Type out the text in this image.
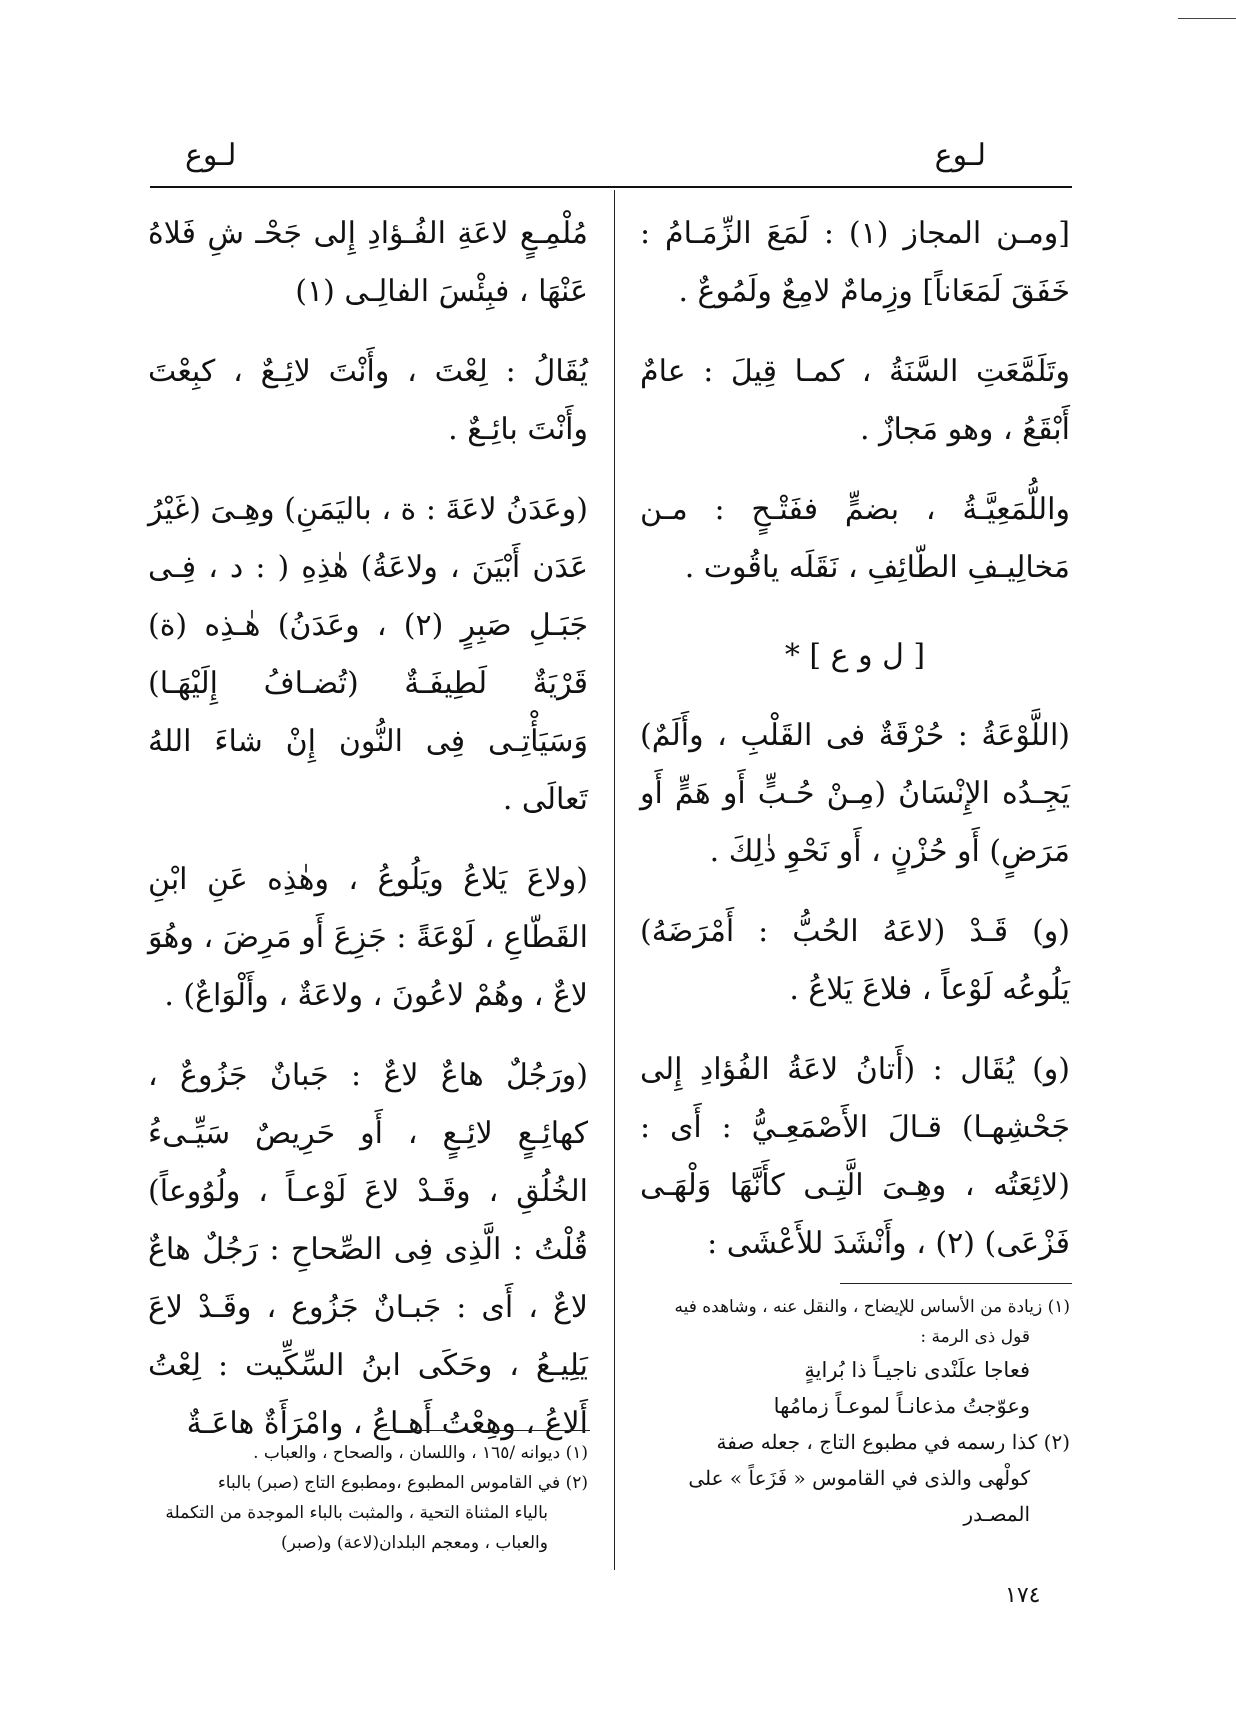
لـوع
لـوع

[ومـن المجاز (١) : لَمَعَ الزِّمَـامُ : خَفَقَ لَمَعَاناً] وزِمامٌ لامِعٌ ولَمُوعٌ .

وتَلَمَّعَتِ السَّنَةُ ، كمـا قِيلَ : عامٌ أَبْقَعُ ، وهو مَجازٌ .

واللُّمَعِيَّـةُ ، بضمٍّ ففَتْـحٍ : مـن مَخالِيـفِ الطّائِفِ ، نَقَلَه ياقُوت .

[ ل و ع ] *

(اللَّوْعَةُ : حُرْقَةٌ فى القَلْبِ ، وأَلَمٌ) يَجِـدُه الإِنْسَانُ (مِـنْ حُـبٍّ أَو هَمٍّ أَو مَرَضٍ) أَو حُزْنٍ ، أَو نَحْوِ ذٰلِكَ .

(و) قَـدْ (لاعَهُ الحُبُّ : أَمْرَضَهُ) يَلُوعُه لَوْعاً ، فلاعَ يَلاعُ .

(و) يُقَال : (أَتانُ لاعَةُ الفُؤادِ إِلى جَحْشِهـا) قـالَ الأَصْمَعِـيُّ : أَى : (لائِعَتُه ، وهِـىَ الَّتِـى كأَنَّهَا وَلْهَـى فَزْعَى) (٢) ، وأَنْشَدَ للأَعْشَى :

مُلْمِـعٍ لاعَةِ الفُـؤادِ إِلى جَحْـ شِ فَلاهُ عَنْهَا ، فبِئْسَ الفالِـى (١)

يُقَالُ : لِعْتَ ، وأَنْتَ لائِـعٌ ، كبِعْتَ وأَنْتَ بائِـعٌ .

(وعَدَنُ لاعَةَ : ة ، باليَمَنِ) وهِـىَ (غَيْرُ عَدَن أَبْيَنَ ، ولاعَةُ) هٰذِهِ ( : د ، فِـى جَبَـلِ صَبِرٍ (٢) ، وعَدَنُ) هٰـذِه (ة) قَرْيَةٌ لَطِيفَـةٌ (تُضـافُ إِلَيْهَـا) وَسَيَأْتِـى فِى النُّون إِنْ شاءَ اللهُ تَعالَى .

(ولاعَ يَلاعُ ويَلُوعُ ، وهٰذِه عَنِ ابْنِ القَطّاعِ ، لَوْعَةً : جَزِعَ أَو مَرِضَ ، وهُوَ لاعٌ ، وهُمْ لاعُونَ ، ولاعَةٌ ، وأَلْوَاعٌ) .

(ورَجُلٌ هاعٌ لاعٌ : جَبانٌ جَزُوعٌ ، كهائِـعٍ لائِـعٍ ، أَو حَرِيصٌ سَيِّـىءُ الخُلُقِ ، وقَـدْ لاعَ لَوْعـاً ، ولُوُوعاً) قُلْتُ : الَّذِى فِى الصِّحاحِ : رَجُلٌ هاعٌ لاعٌ ، أَى : جَبـانٌ جَزُوع ، وقَـدْ لاعَ يَلِيـعُ ، وحَكَى ابنُ السِّكِّيت : لِعْتُ أَلاعُ ، وهِعْتُ أَهـاعُ ، وامْرَأَةٌ هاعَـةٌ

(١) زيادة من الأساس للإيضاح ، والنقل عنه ، وشاهده فيه
قول ذى الرمة :
فعاجا علَنْدى ناجيـاً ذا بُرايةٍ
وعوّجتُ مذعانـاً لموعـاً زمامُها
(٢) كذا رسمه في مطبوع التاج ، جعله صفة
كولْهى والذى في القاموس « فَزَعاً » على
المصـدر
(١) ديوانه /١٦٥ ، واللسان ، والصحاح ، والعباب .
(٢) في القاموس المطبوع ،ومطبوع التاج (صبر) بالباء
بالياء المثناة التحية ، والمثبت بالباء الموجدة من التكملة
والعباب ، ومعجم البلدان(لاعة) و(صبر)
١٧٤
